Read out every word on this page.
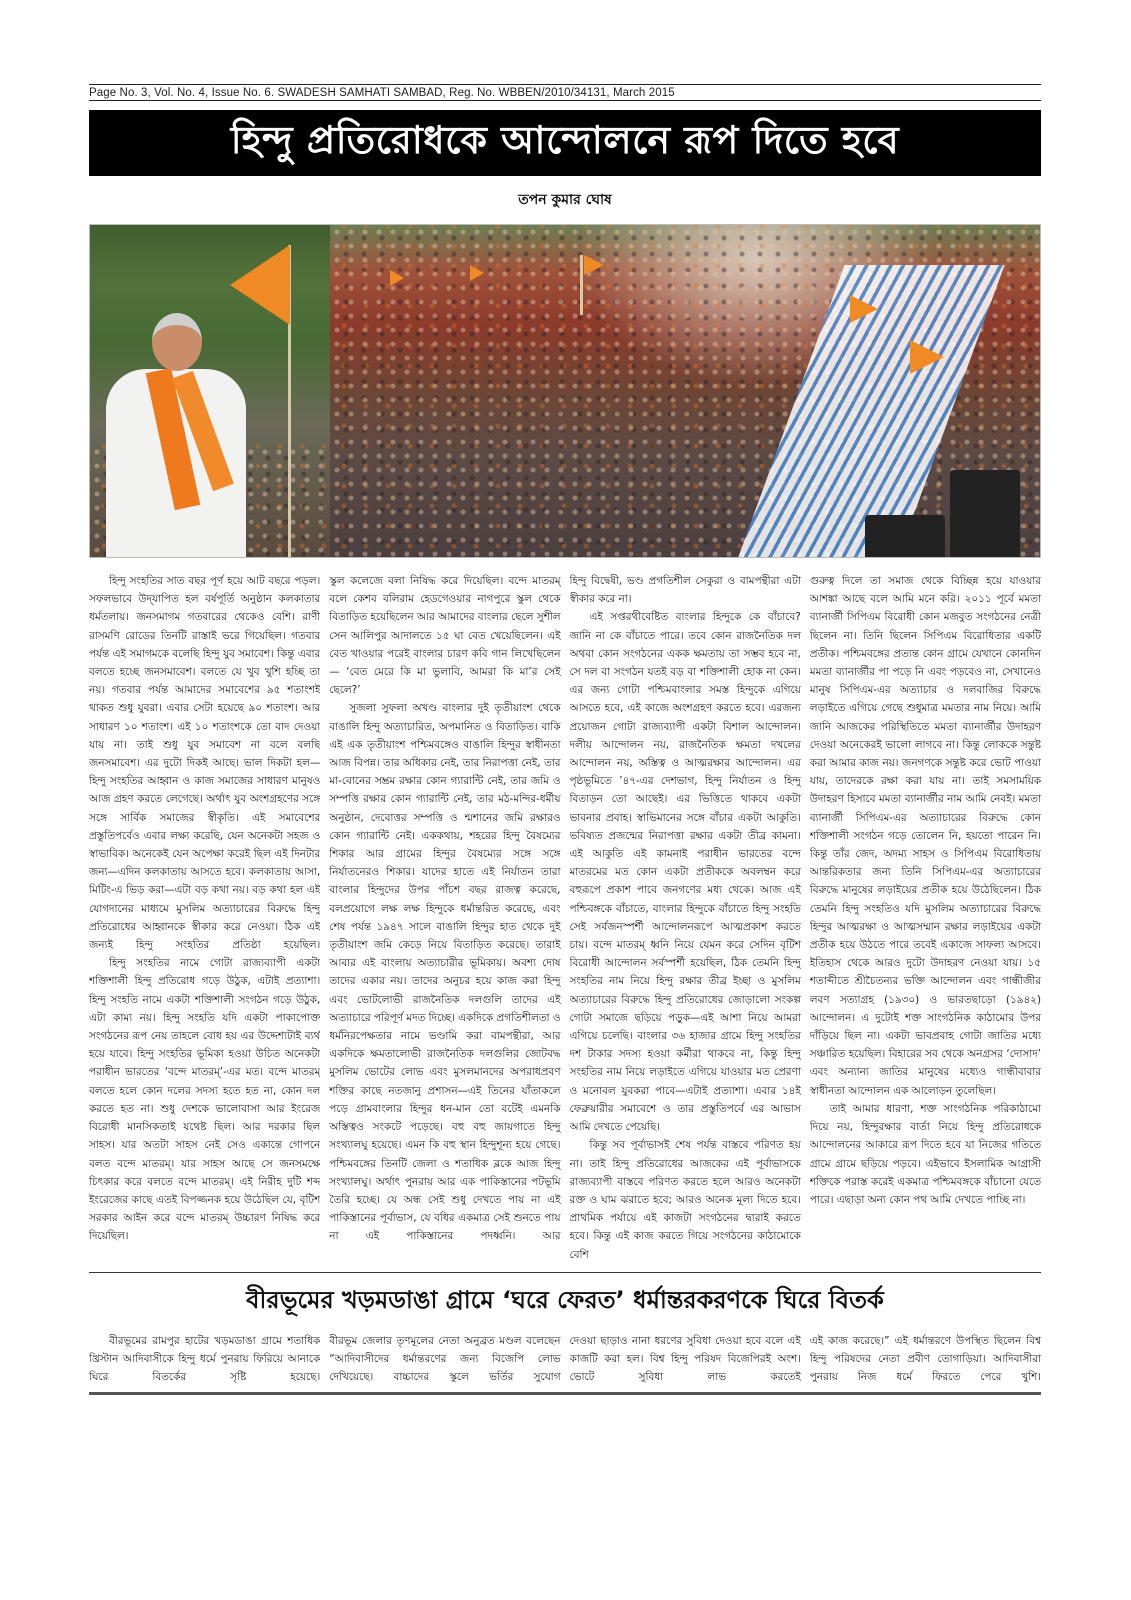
Page No. 3, Vol. No. 4, Issue No. 6. SWADESH SAMHATI SAMBAD, Reg. No. WBBEN/2010/34131, March 2015
হিন্দু প্রতিরোধকে আন্দোলনে রূপ দিতে হবে
তপন কুমার ঘোষ

হিন্দু সংহতির সাত বছর পূর্ণ হয়ে আট বছরে পড়ল। সফলভাবে উদ্‌যাপিত হল বর্ষপূর্তি অনুষ্ঠান কলকাতার ধর্মতলায়। জনসমাগম গতবারের থেকেও বেশি। রাণী রাসমণি রোডের তিনটি রাস্তাই ভরে গিয়েছিল। গতবার পর্যন্ত এই সমাগমকে বলেছি হিন্দু যুব সমাবেশ। কিন্তু এবার বলতে হচ্ছে জনসমাবেশ। বলতে যে খুব খুশি হচ্ছি তা নয়। গতবার পর্যন্ত আমাদের সমাবেশের ৯৫ শতাংশই থাকত শুধু যুবরা। এবার সেটা হয়েছে ৯০ শতাংশ। আর সাধারণ ১০ শতাংশ। এই ১০ শতাংশকে তো বাদ দেওয়া যায় না। তাই শুধু যুব সমাবেশ না বলে বলছি জনসমাবেশ। এর দুটো দিকই আছে। ভাল দিকটা হল—হিন্দু সংহতির আহ্বান ও কাজ সমাজের সাধারণ মানুষও আজ গ্রহণ করতে লেগেছে। অর্থাৎ যুব অংশগ্রহণের সঙ্গে সঙ্গে সার্বিক সমাজের স্বীকৃতি। এই সমাবেশের প্রস্তুতিপর্বেও এবার লক্ষ্য করেছি, যেন অনেকটা সহজ ও স্বাভাবিক। অনেকেই যেন অপেক্ষা করেই ছিল এই দিনটার জন্য—এদিন কলকাতায় আসতে হবে। কলকাতায় আসা, মিটিং-এ ভিড় করা—এটা বড় কথা নয়। বড় কথা হল এই যোগদানের মাধ্যমে মুসলিম অত্যাচারের বিরুদ্ধে হিন্দু প্রতিরোধের আহ্বানকে স্বীকার করে নেওয়া। ঠিক এই জন্যই হিন্দু সংহতির প্রতিষ্ঠা হয়েছিল।

হিন্দু সংহতির নামে গোটা রাজ্যব্যাপী একটা শক্তিশালী হিন্দু প্রতিরোধ গড়ে উঠুক, এটাই প্রত্যাশা। হিন্দু সংহতি নামে একটা শক্তিশালী সংগঠন গড়ে উঠুক, এটা কাম্য নয়। হিন্দু সংহতি যদি একটা পাকাপোক্ত সংগঠনের রূপ নেয় তাহলে বোধ হয় এর উদ্দেশ্যটাই ব্যর্থ হয়ে যাবে। হিন্দু সংহতির ভূমিকা হওয়া উচিত অনেকটা পরাধীন ভারতের ‘বন্দে মাতরম্’-এর মত। বন্দে মাতরম্ বলতে হলে কোন দলের সদস্য হতে হত না, কোন দল করতে হত না। শুধু দেশকে ভালোবাসা আর ইংরেজ বিরোধী মানসিকতাই যথেষ্ট ছিল। আর দরকার ছিল সাহস। যার অতটা সাহস নেই সেও একান্তে গোপনে বলত বন্দে মাতরম্। যার সাহস আছে সে জনসমক্ষে চিৎকার করে বলতে বন্দে মাতরম্। এই নিরীহ দুটি শব্দ ইংরেজের কাছে এতই বিপজ্জনক হয়ে উঠেছিল যে, বৃটিশ সরকার আইন করে বন্দে মাতরম্ উচ্চারণ নিষিদ্ধ করে দিয়েছিল।

স্কুল কলেজে বলা নিষিদ্ধ করে দিয়েছিল। বন্দে মাতরম্ বলে কেশব বলিরাম হেডগেওয়ার নাগপুরে স্কুল থেকে বিতাড়িত হয়েছিলেন আর আমাদের বাংলার ছেলে সুশীল সেন আলিপুর আদালতে ১৫ ঘা বেত খেয়েছিলেন। এই বেত খাওয়ার পরেই বাংলার চারণ কবি গান লিখেছিলেন— ‘বেত মেরে কি মা ভুলাবি, আমরা কি মা’র সেই ছেলে?’

সুজলা সুফলা অখণ্ড বাংলার দুই তৃতীয়াংশ থেকে বাঙালি হিন্দু অত্যাচারিত, অপমানিত ও বিতাড়িত। বাকি এই এক তৃতীয়াংশ পশ্চিমবঙ্গেও বাঙালি হিন্দুর স্বাধীনতা আজ বিপন্ন। তার অধিকার নেই, তার নিরাপত্তা নেই, তার মা-বোনের সম্ভ্রম রক্ষার কোন গ্যারান্টি নেই, তার জমি ও সম্পত্তি রক্ষার কোন গ্যারান্টি নেই, তার মঠ-মন্দির-ধর্মীয় অনুষ্ঠান, দেবোত্তর সম্পত্তি ও শ্মশানের জমি রক্ষারও কোন গ্যারান্টি নেই। এককথায়, শহরের হিন্দু বৈষম্যের শিকার আর গ্রামের হিন্দুর বৈষম্যের সঙ্গে সঙ্গে নির্যাতনেরও শিকার। যাদের হাতে এই নির্যাতন তারা বাংলার হিন্দুদের উপর পাঁচশ বছর রাজত্ব করেছে, বলপ্রয়োগে লক্ষ লক্ষ হিন্দুকে ধর্মান্তরিত করেছে, এবং শেষ পর্যন্ত ১৯৪৭ সালে বাঙালি হিন্দুর হাত থেকে দুই তৃতীয়াংশ জমি কেড়ে নিয়ে বিতাড়িত করেছে। তারাই আবার এই বাংলায় অত্যাচারীর ভূমিকায়। অবশ্য দোষ তাদের একার নয়। তাদের অনুচর হয়ে কাজ করা হিন্দু এবং ভোটলোভী রাজনৈতিক দলগুলি তাদের এই অত্যাচারে পরিপূর্ণ মদত দিচ্ছে। একদিকে প্রগতিশীলতা ও ধর্মনিরপেক্ষতার নামে ভণ্ডামি করা বামপন্থীরা, আর একদিকে ক্ষমতালোভী রাজনৈতিক দলগুলির জোটবদ্ধ মুসলিম ভোটের লোভ এবং মুসলমানদের অপরাধপ্রবণ শক্তির কাছে নতজানু প্রশাসন—এই তিনের যাঁতাকলে পড়ে গ্রামবাংলার হিন্দুর ধন-মান তো বটেই এমনকি অস্তিত্বও সংকটে পড়েছে। বহু বহু জায়গাতে হিন্দু সংখ্যালঘু হয়েছে। এমন কি বহু স্থান হিন্দুশূন্য হয়ে গেছে। পশ্চিমবঙ্গের তিনটি জেলা ও শতাধিক ব্লকে আজ হিন্দু সংখ্যালঘু। অর্থাৎ পুনরায় আর এক পাকিস্তানের পটভূমি তৈরি হচ্ছে। যে অন্ধ সেই শুধু দেখতে পায় না এই পাকিস্তানের পূর্বাভাস, যে বধির একমাত্র সেই শুনতে পায় না এই পাকিস্তানের পদধ্বনি। আর

হিন্দু বিদ্বেষী, ভণ্ড প্রগতিশীল সেকুরা ও বামপন্থীরা এটা স্বীকার করে না।

এই সপ্তরথীবেষ্টিত বাংলার হিন্দুকে কে বাঁচাবে? জানি না কে বাঁচাতে পারে। তবে কোন রাজনৈতিক দল অথবা কোন সংগঠনের একক ক্ষমতায় তা সম্ভব হবে না, সে দল বা সংগঠন যতই বড় বা শক্তিশালী হোক না কেন। এর জন্য গোটা পশ্চিমবাংলার সমস্ত হিন্দুকে এগিয়ে আসতে হবে, এই কাজে অংশগ্রহণ করতে হবে। এরজন্য প্রয়োজন গোটা রাজ্যব্যাপী একটা বিশাল আন্দোলন। দলীয় আন্দোলন নয়, রাজনৈতিক ক্ষমতা দখলের আন্দোলন নয়, অস্তিত্ব ও আত্মরক্ষার আন্দোলন। এর পৃষ্ঠভূমিতে ’৪৭-এর দেশভাগ, হিন্দু নির্যাতন ও হিন্দু বিতাড়ন তো আছেই। এর ভিত্তিতে থাকবে একটা ভাবনার প্রবাহ। স্বাভিমানের সঙ্গে বাঁচার একটা আকুতি। ভবিষ্যত প্রজন্মের নিরাপত্তা রক্ষার একটা তীব্র কামনা। এই আকুতি এই কামনাই পরাধীন ভারতের বন্দে মাতরমের মত কোন একটা প্রতীককে অবলম্বন করে বহুরূপে প্রকাশ পাবে জনগণের মধ্য থেকে। আজ এই পশ্চিবঙ্গকে বাঁচাতে, বাংলার হিন্দুকে বাঁচাতে হিন্দু সংহতি সেই সর্বজনস্পর্শী আন্দোলনরূপে আত্মপ্রকাশ করতে চায়। বন্দে মাতরম্ ধ্বনি নিয়ে যেমন করে সেদিন বৃটিশ বিরোধী আন্দোলন সর্বস্পর্শী হয়েছিল, ঠিক তেমনি হিন্দু সংহতির নাম নিয়ে হিন্দু রক্ষার তীব্র ইচ্ছা ও মুসলিম অত্যাচারের বিরুদ্ধে হিন্দু প্রতিরোধের জোড়ালো সংকল্প গোটা সমাজে ছড়িয়ে পড়ুক—এই আশা নিয়ে আমরা এগিয়ে চলেছি। বাংলার ৩৬ হাজার গ্রামে হিন্দু সংহতির দশ টাকার সদস্য হওয়া কর্মীরা থাকবে না, কিন্তু হিন্দু সংহতির নাম নিয়ে লড়াইতে এগিয়ে যাওয়ার মত প্রেরণা ও মনোবল যুবকরা পাবে—এটাই প্রত্যাশা। এবার ১৪ই ফেব্রুয়ারীর সমাবেশে ও তার প্রস্তুতিপর্বে এর আভাস আমি দেখতে পেয়েছি।

কিন্তু সব পূর্বাভাসই শেষ পর্যন্ত বাস্তবে পরিণত হয় না। তাই হিন্দু প্রতিরোধের আজকের এই পূর্বাভাসকে রাজ্যব্যাপী বাস্তবে পরিণত করতে হলে আরও অনেকটা রক্ত ও ঘাম ঝরাতে হবে; আরও অনেক মূল্য দিতে হবে। প্রাথমিক পর্যায়ে এই কাজটা সংগঠনের দ্বারাই করতে হবে। কিন্তু এই কাজ করতে গিয়ে সংগঠনের কাঠামোকে বেশি

গুরুত্ব দিলে তা সমাজ থেকে বিচ্ছিন্ন হয়ে যাওয়ার আশঙ্কা আছে বলে আমি মনে করি। ২০১১ পূর্বে মমতা ব্যানার্জী সিপিএম বিরোধী কোন মজবুত সংগঠনের নেত্রী ছিলেন না। তিনি ছিলেন সিপিএম বিরোধিতার একটি প্রতীক। পশ্চিমবঙ্গের প্রত্যন্ত কোন গ্রামে যেখানে কোনদিন মমতা ব্যানার্জীর পা পড়ে নি এবং পড়বেও না, সেখানেও মানুষ সিপিএম-এর অত্যাচার ও দলবাজির বিরুদ্ধে লড়াইতে এগিয়ে গেছে শুধুমাত্র মমতার নাম নিয়ে। আমি জানি আজকের পরিস্থিতিতে মমতা ব্যানার্জীর উদাহরণ দেওয়া অনেকেরই ভালো লাগবে না। কিন্তু লোককে সন্তুষ্ট করা আমার কাজ নয়। জনগণকে সন্তুষ্ট করে ভোট পাওয়া যায়, তাদেরকে রক্ষা করা যায় না। তাই সমসাময়িক উদাহরণ হিসাবে মমতা ব্যানার্জীর নাম আমি নেবই। মমতা ব্যানার্জী সিপিএম-এর অত্যাচারের বিরুদ্ধে কোন শক্তিশালী সংগঠন গড়ে তোলেন নি, হয়তো পারেন নি। কিন্তু তাঁর জেদ, অদম্য সাহস ও সিপিএম বিরোধিতায় আন্তরিকতার জন্য তিনি সিপিএম-এর অত্যাচারের বিরুদ্ধে মানুষের লড়াইয়ের প্রতীক হয়ে উঠেছিলেন। ঠিক তেমনি হিন্দু সংহতিও যদি মুসলিম অত্যাচারের বিরুদ্ধে হিন্দুর আত্মরক্ষা ও আত্মসম্মান রক্ষার লড়াইয়ের একটা প্রতীক হয়ে উঠতে পারে তবেই একাজে সাফল্য আসবে। ইতিহাস থেকে আরও দুটো উদাহরণ নেওয়া যায়। ১৫ শতাব্দীতে শ্রীচৈতন্যর ভক্তি আন্দোলন এবং গান্ধীজীর লবণ সত্যাগ্রহ (১৯৩০) ও ভারতছাড়ো (১৯৪২) আন্দোলন। এ দুটোই শক্ত সাংগঠনিক কাঠামোর উপর দাঁড়িয়ে ছিল না। একটা ভাবপ্রবাহ গোটা জাতির মধ্যে সঞ্চারিত হয়েছিল। বিহারের সব থেকে অনগ্রসর ‘দোসাদ’ এবং অন্যান্য জাতির মানুষের মধ্যেও গান্ধীবাবার স্বাধীনতা আন্দোলন এক আলোড়ন তুলেছিল।

তাই আমার ধারণা, শক্ত সাংগঠনিক পরিকাঠামো দিয়ে নয়, হিন্দুরক্ষার বার্তা নিয়ে হিন্দু প্রতিরোধকে আন্দোলনের আকারে রূপ দিতে হবে যা নিজের গতিতে গ্রামে গ্রামে ছড়িয়ে পড়বে। এইভাবে ইসলামিক আগ্রাসী শক্তিকে পরাস্ত করেই একমাত্র পশ্চিমবঙ্গকে বাঁচানো যেতে পারে। এছাড়া অন্য কোন পথ আমি দেখতে পাচ্ছি না।

বীরভূমের খড়মডাঙা গ্রামে ‘ঘরে ফেরত’ ধর্মান্তরকরণকে ঘিরে বিতর্ক

বীরভূমের রামপুর হাটের খড়মডাঙা গ্রামে শতাধিক খ্রিস্টান আদিবাসীকে হিন্দু ধর্মে পুনরায় ফিরিয়ে আনাকে ঘিরে বিতর্কের সৃষ্টি হয়েছে।

বীরভূম জেলার তৃণমূলের নেতা অনুব্রত মণ্ডল বলেছেন “আদিবাসীদের ধর্মান্তরণের জন্য বিজেপি লোভ দেখিয়েছে। বাচ্চাদের স্কুলে ভর্তির সুযোগ

দেওয়া ছাড়াও নানা ধরণের সুবিধা দেওয়া হবে বলে এই কাজটি করা হল। বিশ্ব হিন্দু পরিষদ বিজেপিরই অংশ। ভোটে সুবিধা লাভ করতেই

এই কাজ করেছে।” এই ধর্মান্তরণে উপস্থিত ছিলেন বিশ্ব হিন্দু পরিষদের নেতা প্রবীণ তোগাড়িয়া। আদিবাসীরা পুনরায় নিজ ধর্মে ফিরতে পেরে খুশি।
